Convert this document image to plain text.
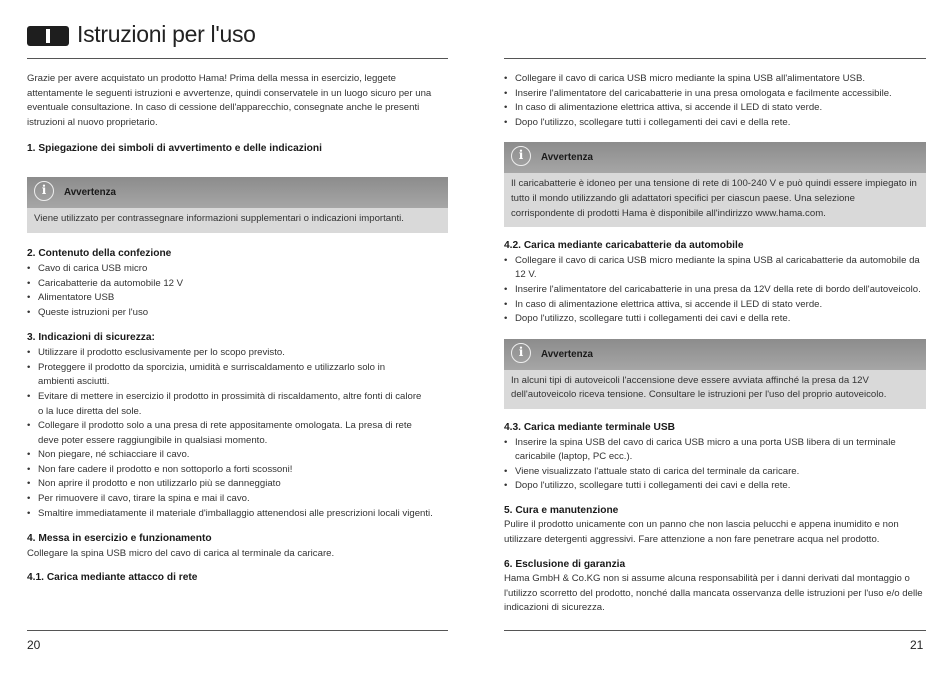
Istruzioni per l'uso

Grazie per avere acquistato un prodotto Hama! Prima della messa in esercizio, leggete attentamente le seguenti istruzioni e avvertenze, quindi conservatele in un luogo sicuro per una eventuale consultazione. In caso di cessione dell'apparecchio, consegnate anche le presenti istruzioni al nuovo proprietario.

1. Spiegazione dei simboli di avvertimento e delle indicazioni

i	Avvertenza
Viene utilizzato per contrassegnare informazioni supplementari o indicazioni importanti.

2. Contenuto della confezione

• Cavo di carica USB micro
• Caricabatterie da automobile 12 V
• Alimentatore USB
• Queste istruzioni per l'uso

3. Indicazioni di sicurezza:

• Utilizzare il prodotto esclusivamente per lo scopo previsto.
• Proteggere il prodotto da sporcizia, umidità e surriscaldamento e utilizzarlo solo in ambienti asciutti.
• Evitare di mettere in esercizio il prodotto in prossimità di riscaldamento, altre fonti di calore o la luce diretta del sole.
• Collegare il prodotto solo a una presa di rete appositamente omologata. La presa di rete deve poter essere raggiungibile in qualsiasi momento.
• Non piegare, né schiacciare il cavo.
• Non fare cadere il prodotto e non sottoporlo a forti scossoni!
• Non aprire il prodotto e non utilizzarlo più se danneggiato
• Per rimuovere il cavo, tirare la spina e mai il cavo.
• Smaltire immediatamente il materiale d'imballaggio attenendosi alle prescrizioni locali vigenti.

4. Messa in esercizio e funzionamento

Collegare la spina USB micro del cavo di carica al terminale da caricare.

4.1. Carica mediante attacco di rete

20
• Collegare il cavo di carica USB micro mediante la spina USB all'alimentatore USB.
• Inserire l'alimentatore del caricabatterie in una presa omologata e facilmente accessibile.
• In caso di alimentazione elettrica attiva, si accende il LED di stato verde.
• Dopo l'utilizzo, scollegare tutti i collegamenti dei cavi e della rete.
i	Avvertenza
Il caricabatterie è idoneo per una tensione di rete di 100-240 V e può quindi essere impiegato in tutto il mondo utilizzando gli adattatori specifici per ciascun paese. Una selezione corrispondente di prodotti Hama è disponibile all'indirizzo www.hama.com.

4.2. Carica mediante caricabatterie da automobile

• Collegare il cavo di carica USB micro mediante la spina USB al caricabatterie da automobile da 12 V.
• Inserire l'alimentatore del caricabatterie in una presa da 12V della rete di bordo dell'autoveicolo.
• In caso di alimentazione elettrica attiva, si accende il LED di stato verde.
• Dopo l'utilizzo, scollegare tutti i collegamenti dei cavi e della rete.
i	Avvertenza
In alcuni tipi di autoveicoli l'accensione deve essere avviata affinché la presa da 12V dell'autoveicolo riceva tensione. Consultare le istruzioni per l'uso del proprio autoveicolo.

4.3. Carica mediante terminale USB

• Inserire la spina USB del cavo di carica USB micro a una porta USB libera di un terminale caricabile (laptop, PC ecc.).
• Viene visualizzato l'attuale stato di carica del terminale da caricare.
• Dopo l'utilizzo, scollegare tutti i collegamenti dei cavi e della rete.

5. Cura e manutenzione

Pulire il prodotto unicamente con un panno che non lascia pelucchi e appena inumidito e non utilizzare detergenti aggressivi. Fare attenzione a non fare penetrare acqua nel prodotto.

6. Esclusione di garanzia

Hama GmbH & Co.KG non si assume alcuna responsabilità per i danni derivati dal montaggio o l'utilizzo scorretto del prodotto, nonché dalla mancata osservanza delle istruzioni per l'uso e/o delle indicazioni di sicurezza.

21
